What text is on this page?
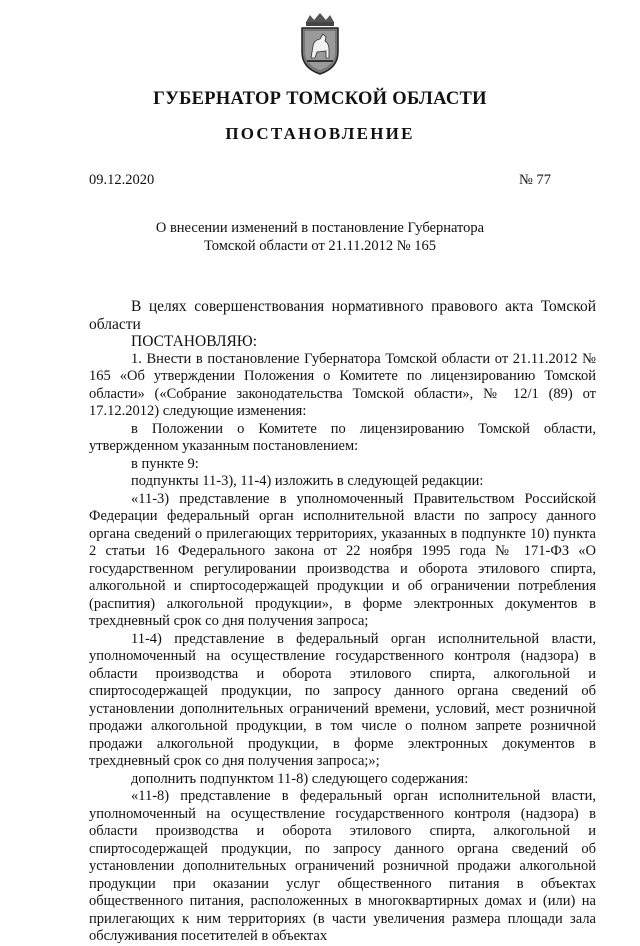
ГУБЕРНАТОР ТОМСКОЙ ОБЛАСТИ
ПОСТАНОВЛЕНИЕ
09.12.2020	№ 77
О внесении изменений в постановление Губернатора
Томской области от 21.11.2012 № 165

В целях совершенствования нормативного правового акта Томской области

ПОСТАНОВЛЯЮ:

1. Внести в постановление Губернатора Томской области от 21.11.2012 № 165 «Об утверждении Положения о Комитете по лицензированию Томской области» («Собрание законодательства Томской области», № 12/1 (89) от 17.12.2012) следующие изменения:

в Положении о Комитете по лицензированию Томской области, утвержденном указанным постановлением:

в пункте 9:

подпункты 11-3), 11-4) изложить в следующей редакции:

«11-3) представление в уполномоченный Правительством Российской Федерации федеральный орган исполнительной власти по запросу данного органа сведений о прилегающих территориях, указанных в подпункте 10) пункта 2 статьи 16 Федерального закона от 22 ноября 1995 года № 171-ФЗ «О государственном регулировании производства и оборота этилового спирта, алкогольной и спиртосодержащей продукции и об ограничении потребления (распития) алкогольной продукции», в форме электронных документов в трехдневный срок со дня получения запроса;

11-4) представление в федеральный орган исполнительной власти, уполномоченный на осуществление государственного контроля (надзора) в области производства и оборота этилового спирта, алкогольной и спиртосодержащей продукции, по запросу данного органа сведений об установлении дополнительных ограничений времени, условий, мест розничной продажи алкогольной продукции, в том числе о полном запрете розничной продажи алкогольной продукции, в форме электронных документов в трехдневный срок со дня получения запроса;»;

дополнить подпунктом 11-8) следующего содержания:

«11-8) представление в федеральный орган исполнительной власти, уполномоченный на осуществление государственного контроля (надзора) в области производства и оборота этилового спирта, алкогольной и спиртосодержащей продукции, по запросу данного органа сведений об установлении дополнительных ограничений розничной продажи алкогольной продукции при оказании услуг общественного питания в объектах общественного питания, расположенных в многоквартирных домах и (или) на прилегающих к ним территориях (в части увеличения размера площади зала обслуживания посетителей в объектах
